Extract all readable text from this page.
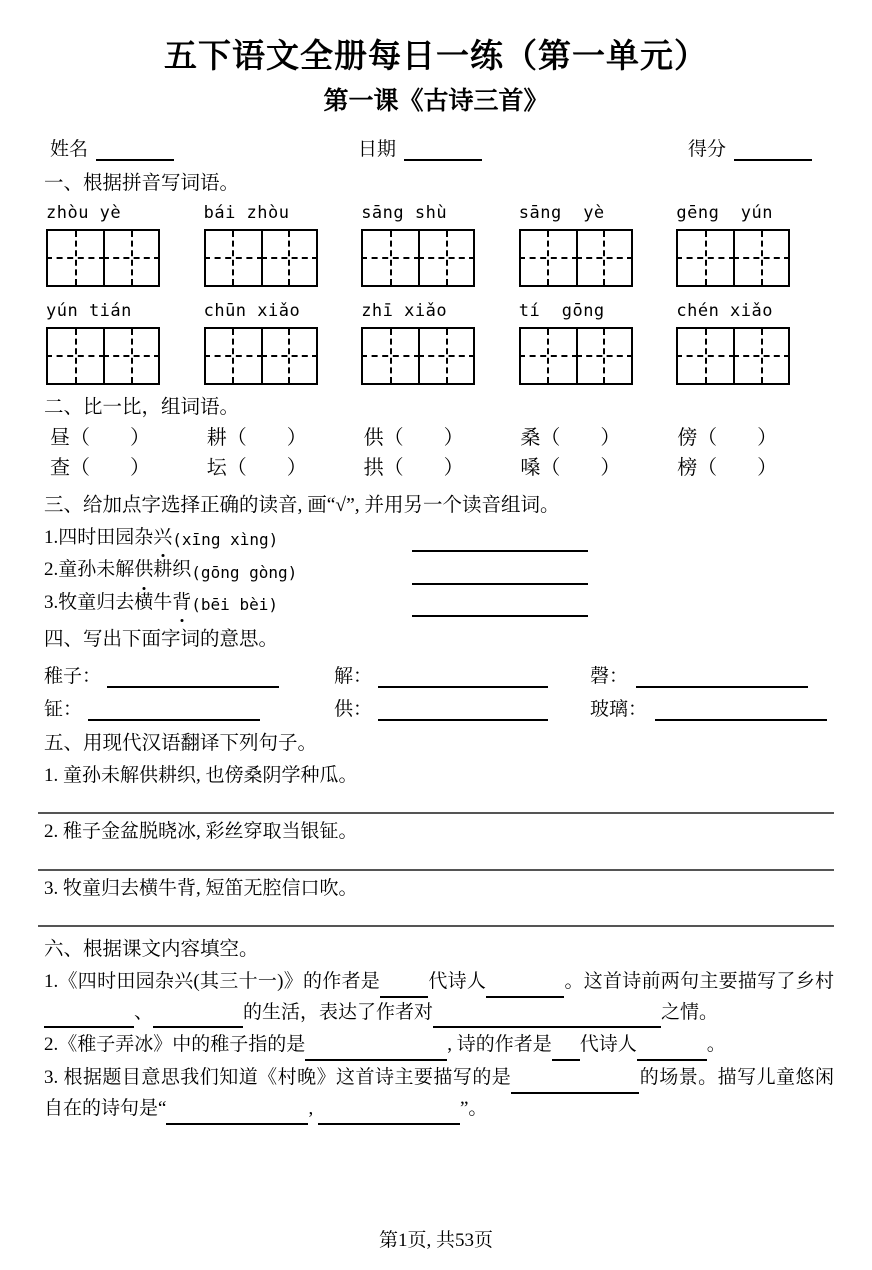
五下语文全册每日一练（第一单元）
第一课《古诗三首》
姓名	日期	得分
一、根据拼音写词语。
zhòu yè	bái zhòu	sāng shù	sāng  yè	gēng  yún
yún tián	chūn xiǎo	zhī xiǎo	tí  gōng	chén xiǎo
二、比一比，组词语。
昼（        ）	耕（        ）	供（        ）	桑（        ）	傍（        ）
查（        ）	坛（        ）	拱（        ）	嗓（        ）	榜（        ）
三、给加点字选择正确的读音, 画“√”, 并用另一个读音组词。
1. 四时田园杂 兴 (xīng xìng)
2. 童孙未解 供 耕织 (gōng gòng)
3. 牧童归去横牛 背 (bēi bèi)
四、写出下面字词的意思。
稚子：	解：	磬：
钲：	供：	玻璃：
五、用现代汉语翻译下列句子。
1. 童孙未解供耕织, 也傍桑阴学种瓜。
2. 稚子金盆脱晓冰, 彩丝穿取当银钲。
3. 牧童归去横牛背, 短笛无腔信口吹。
六、根据课文内容填空。
1.《四时田园杂兴(其三十一)》的作者是	代诗人	。这首诗前两句主要描写了乡村、	的生活，表达了作者对	之情。
2.《稚子弄冰》中的稚子指的是	, 诗的作者是 代诗人	。
3. 根据题目意思我们知道《村晚》这首诗主要描写的是	的场景。描写儿童悠闲自在的诗句是“	,	”。
第1页, 共53页
